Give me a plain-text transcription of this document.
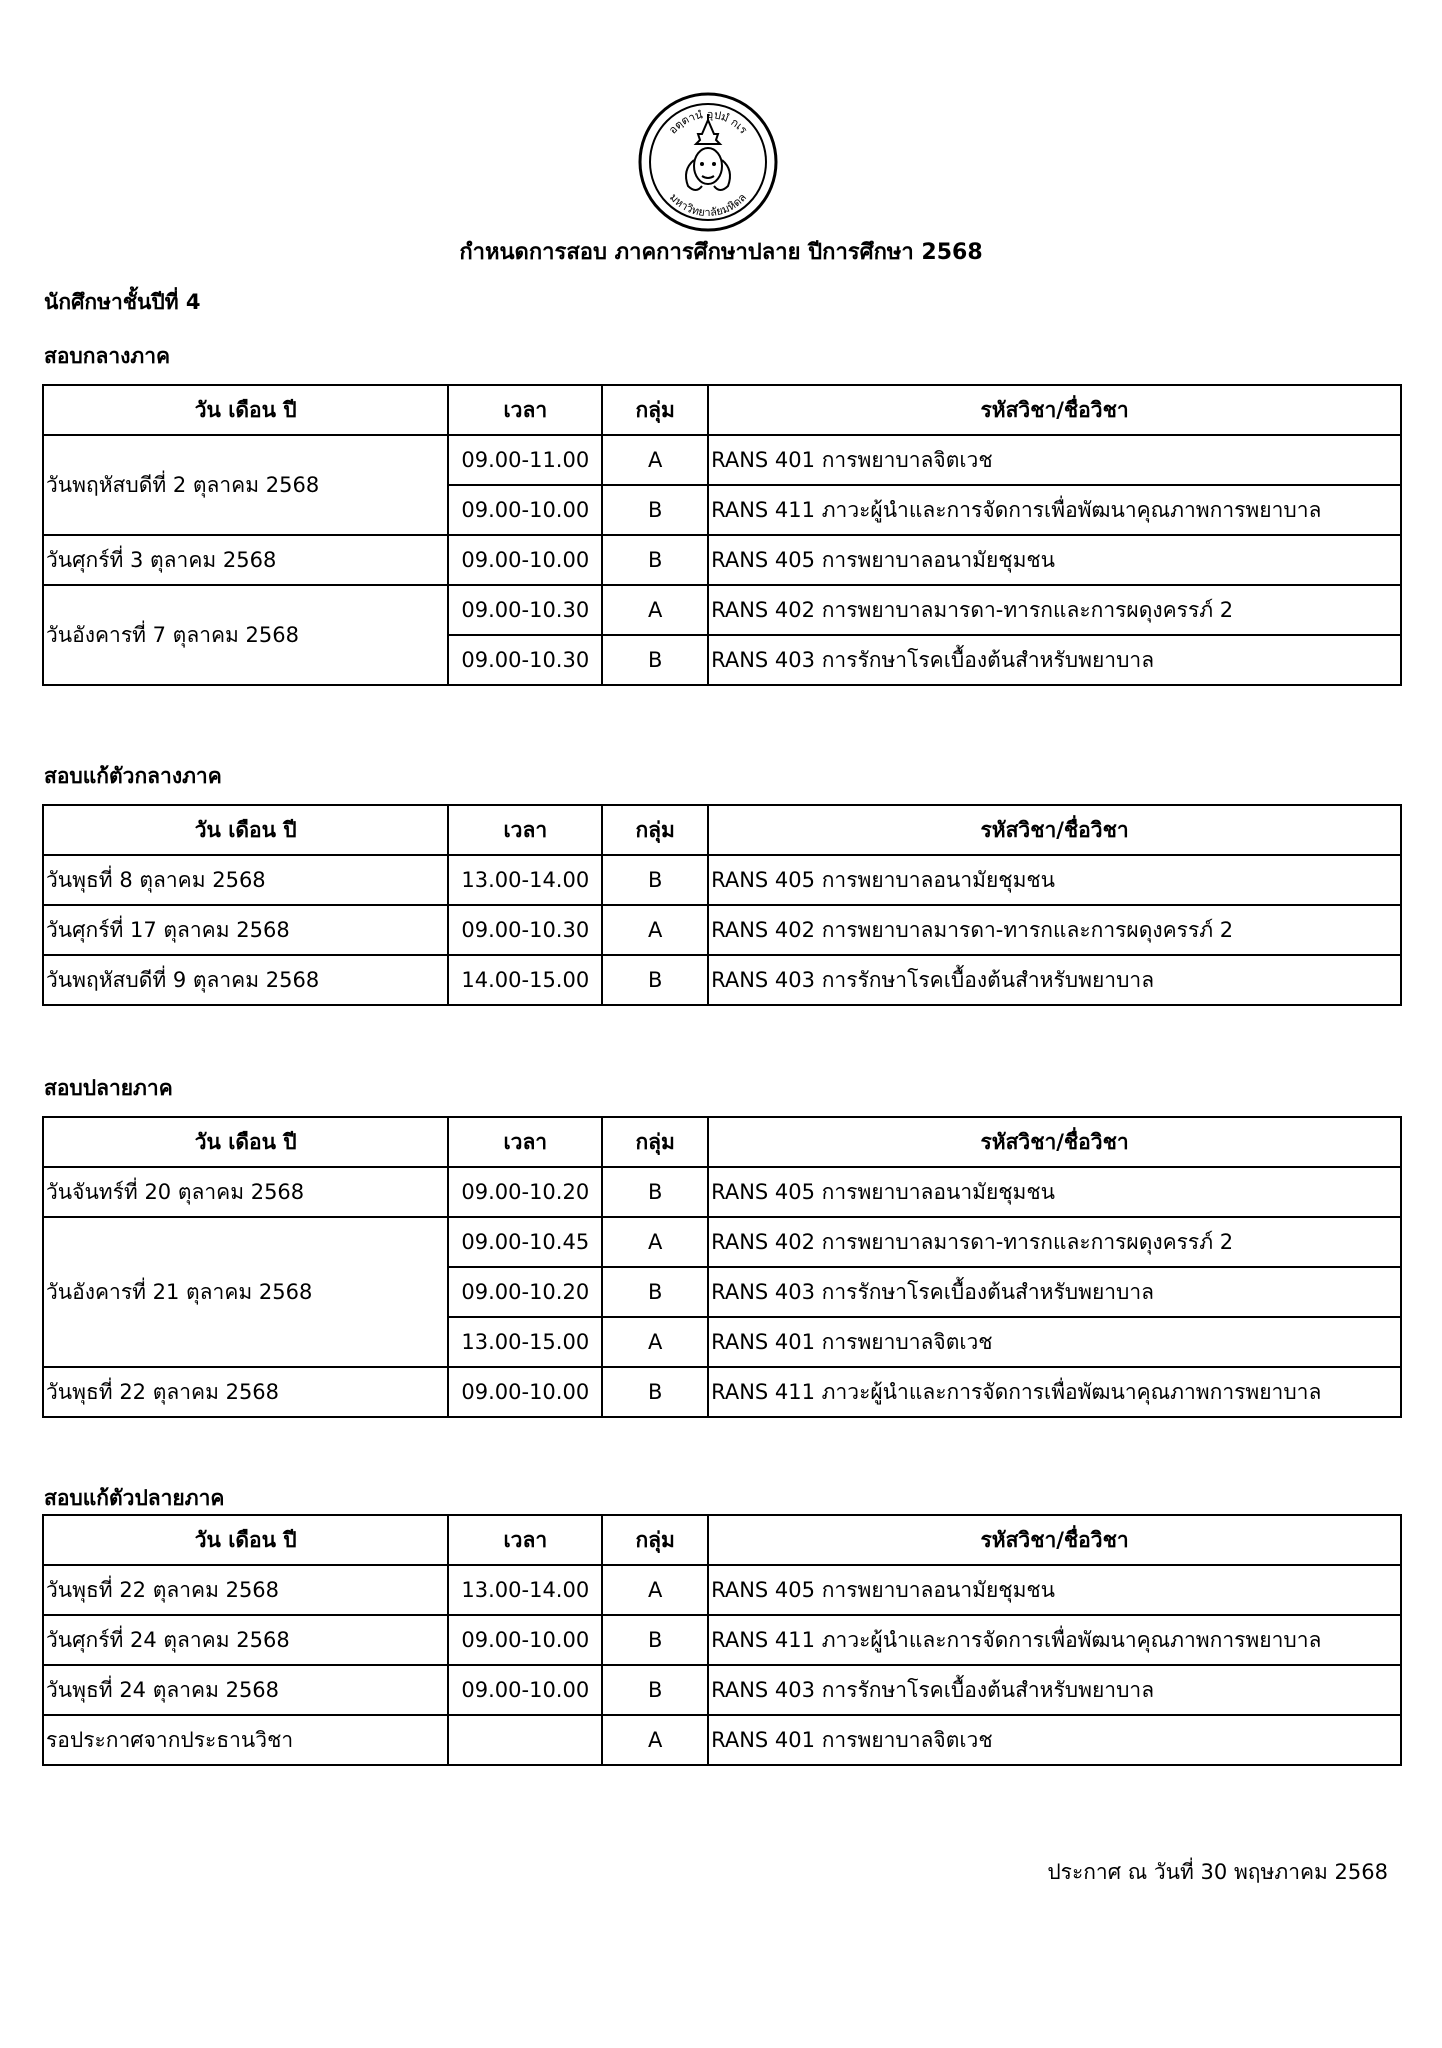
อตฺตานํ อุปมํ กเร
มหาวิทยาลัยมหิดล
กำหนดการสอบ ภาคการศึกษาปลาย ปีการศึกษา 2568
นักศึกษาชั้นปีที่ 4
สอบกลางภาค
วัน เดือน ปี	เวลา	กลุ่ม	รหัสวิชา/ชื่อวิชา
วันพฤหัสบดีที่ 2 ตุลาคม 2568	09.00-11.00	A	RANS 401 การพยาบาลจิตเวช
	09.00-10.00	B	RANS 411 ภาวะผู้นำและการจัดการเพื่อพัฒนาคุณภาพการพยาบาล
วันศุกร์ที่ 3 ตุลาคม 2568	09.00-10.00	B	RANS 405 การพยาบาลอนามัยชุมชน
วันอังคารที่ 7 ตุลาคม 2568	09.00-10.30	A	RANS 402 การพยาบาลมารดา-ทารกและการผดุงครรภ์ 2
	09.00-10.30	B	RANS 403 การรักษาโรคเบื้องต้นสำหรับพยาบาล
สอบแก้ตัวกลางภาค
วัน เดือน ปี	เวลา	กลุ่ม	รหัสวิชา/ชื่อวิชา
วันพุธที่ 8 ตุลาคม 2568	13.00-14.00	B	RANS 405 การพยาบาลอนามัยชุมชน
วันศุกร์ที่ 17 ตุลาคม 2568	09.00-10.30	A	RANS 402 การพยาบาลมารดา-ทารกและการผดุงครรภ์ 2
วันพฤหัสบดีที่ 9 ตุลาคม 2568	14.00-15.00	B	RANS 403 การรักษาโรคเบื้องต้นสำหรับพยาบาล
สอบปลายภาค
วัน เดือน ปี	เวลา	กลุ่ม	รหัสวิชา/ชื่อวิชา
วันจันทร์ที่ 20 ตุลาคม 2568	09.00-10.20	B	RANS 405 การพยาบาลอนามัยชุมชน
วันอังคารที่ 21 ตุลาคม 2568	09.00-10.45	A	RANS 402 การพยาบาลมารดา-ทารกและการผดุงครรภ์ 2
	09.00-10.20	B	RANS 403 การรักษาโรคเบื้องต้นสำหรับพยาบาล
	13.00-15.00	A	RANS 401 การพยาบาลจิตเวช
วันพุธที่ 22 ตุลาคม 2568	09.00-10.00	B	RANS 411 ภาวะผู้นำและการจัดการเพื่อพัฒนาคุณภาพการพยาบาล
สอบแก้ตัวปลายภาค
วัน เดือน ปี	เวลา	กลุ่ม	รหัสวิชา/ชื่อวิชา
วันพุธที่ 22 ตุลาคม 2568	13.00-14.00	A	RANS 405 การพยาบาลอนามัยชุมชน
วันศุกร์ที่ 24 ตุลาคม 2568	09.00-10.00	B	RANS 411 ภาวะผู้นำและการจัดการเพื่อพัฒนาคุณภาพการพยาบาล
วันพุธที่ 24 ตุลาคม 2568	09.00-10.00	B	RANS 403 การรักษาโรคเบื้องต้นสำหรับพยาบาล
รอประกาศจากประธานวิชา		A	RANS 401 การพยาบาลจิตเวช
ประกาศ ณ วันที่ 30 พฤษภาคม 2568
